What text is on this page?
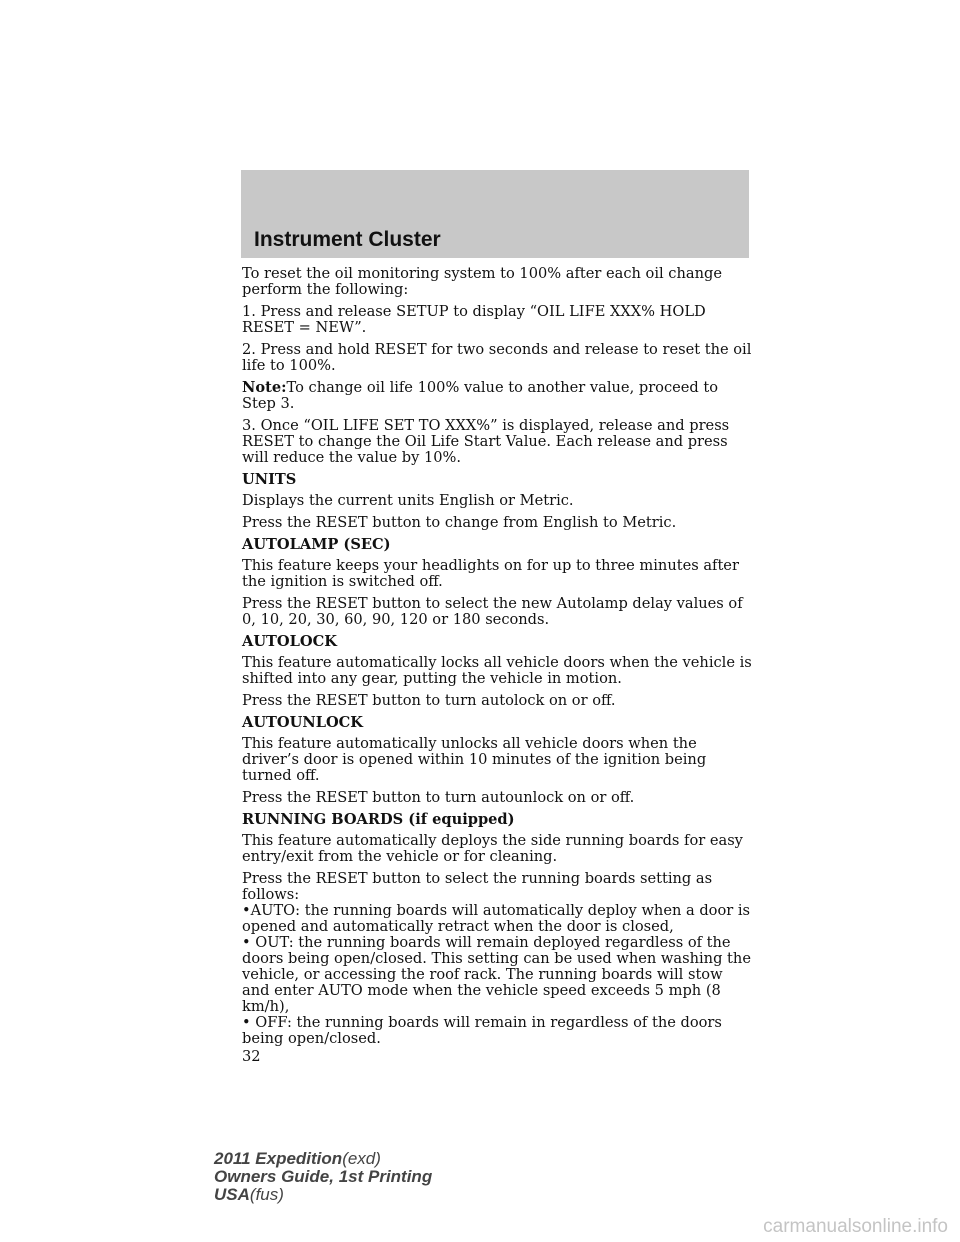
Instrument Cluster

To reset the oil monitoring system to 100% after each oil change perform the following:

1. Press and release SETUP to display “OIL LIFE XXX% HOLD RESET = NEW”.

2. Press and hold RESET for two seconds and release to reset the oil life to 100%.

Note:To change oil life 100% value to another value, proceed to Step 3.

3. Once “OIL LIFE SET TO XXX%” is displayed, release and press RESET to change the Oil Life Start Value. Each release and press will reduce the value by 10%.

UNITS

Displays the current units English or Metric.

Press the RESET button to change from English to Metric.

AUTOLAMP (SEC)

This feature keeps your headlights on for up to three minutes after the ignition is switched off.

Press the RESET button to select the new Autolamp delay values of 0, 10, 20, 30, 60, 90, 120 or 180 seconds.

AUTOLOCK

This feature automatically locks all vehicle doors when the vehicle is shifted into any gear, putting the vehicle in motion.

Press the RESET button to turn autolock on or off.

AUTOUNLOCK

This feature automatically unlocks all vehicle doors when the driver’s door is opened within 10 minutes of the ignition being turned off.

Press the RESET button to turn autounlock on or off.

RUNNING BOARDS (if equipped)

This feature automatically deploys the side running boards for easy entry/exit from the vehicle or for cleaning.

Press the RESET button to select the running boards setting as follows:

•AUTO: the running boards will automatically deploy when a door is opened and automatically retract when the door is closed,

• OUT: the running boards will remain deployed regardless of the doors being open/closed. This setting can be used when washing the vehicle, or accessing the roof rack. The running boards will stow and enter AUTO mode when the vehicle speed exceeds 5 mph (8 km/h),

• OFF: the running boards will remain in regardless of the doors being open/closed.

32
2011 Expedition(exd)
Owners Guide, 1st Printing
USA(fus)
carmanualsonline.info
